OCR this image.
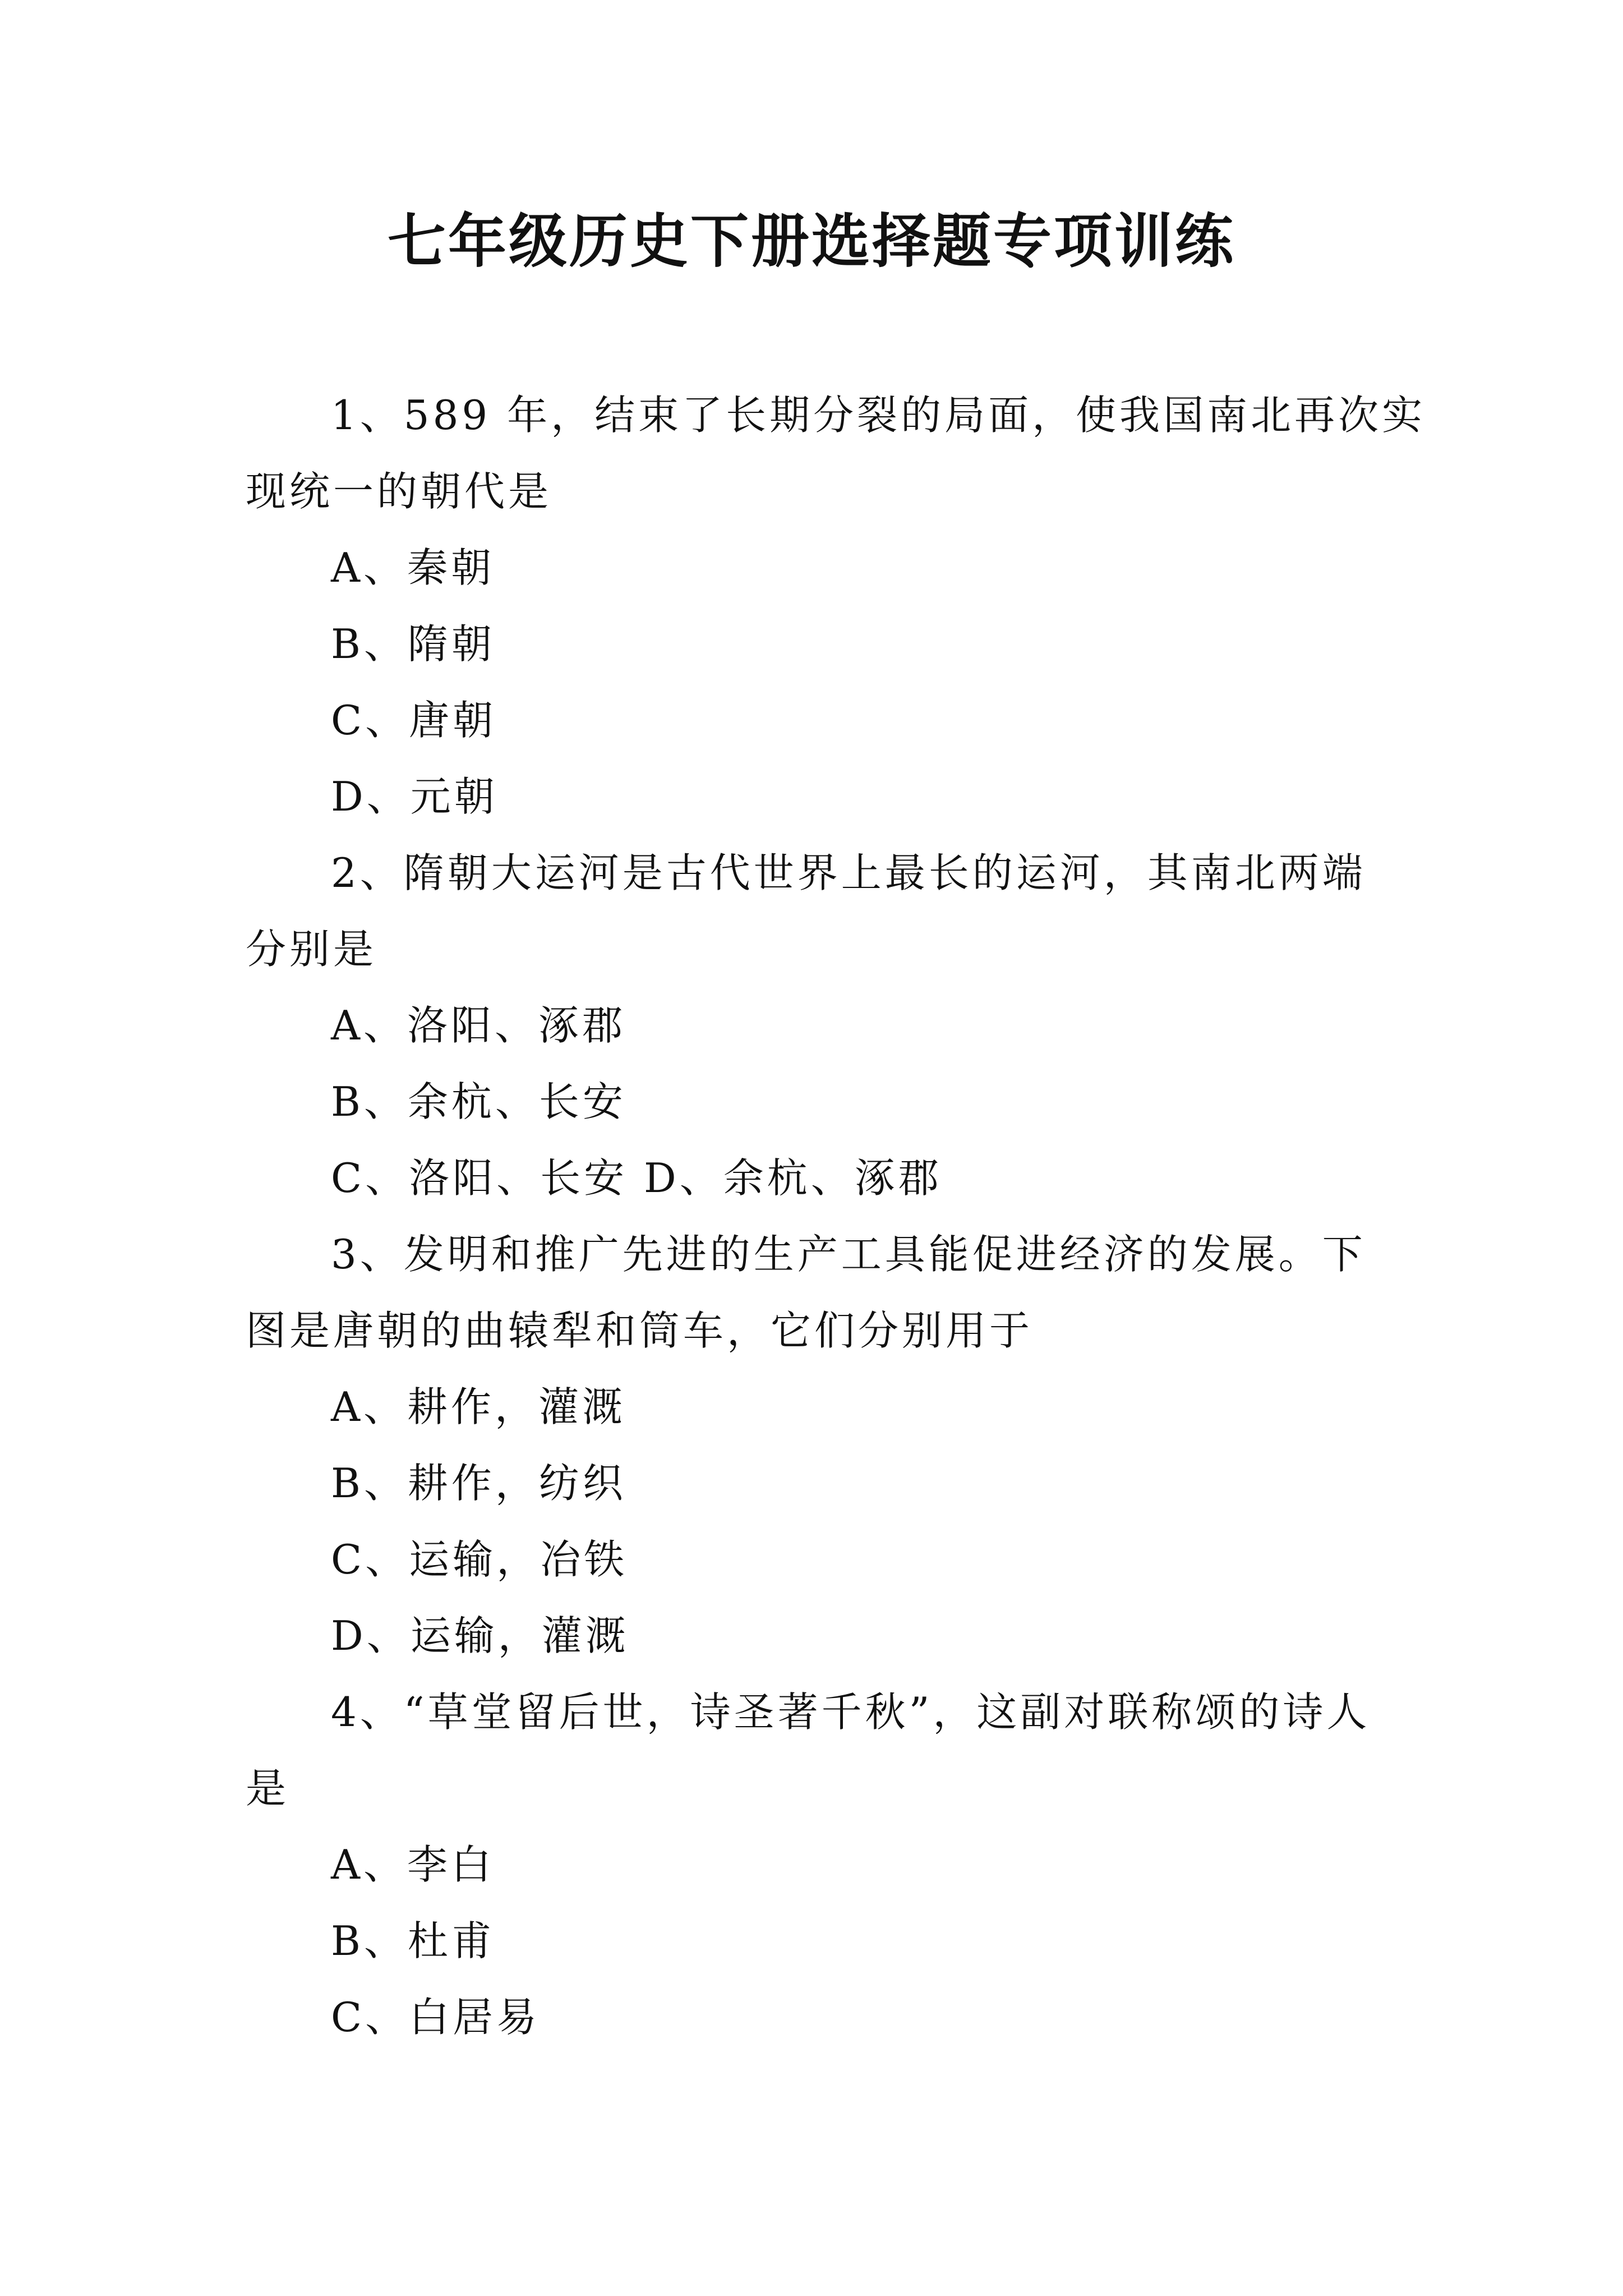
七年级历史下册选择题专项训练
1、589 年，结束了长期分裂的局面，使我国南北再次实
现统一的朝代是
A、秦朝
B、隋朝
C、唐朝
D、元朝
2、隋朝大运河是古代世界上最长的运河，其南北两端
分别是
A、洛阳、涿郡
B、余杭、长安
C、洛阳、长安 D、余杭、涿郡
3、发明和推广先进的生产工具能促进经济的发展。下
图是唐朝的曲辕犁和筒车，它们分别用于
A、耕作，灌溉
B、耕作，纺织
C、运输，冶铁
D、运输，灌溉
4、“草堂留后世，诗圣著千秋”，这副对联称颂的诗人
是
A、李白
B、杜甫
C、白居易
